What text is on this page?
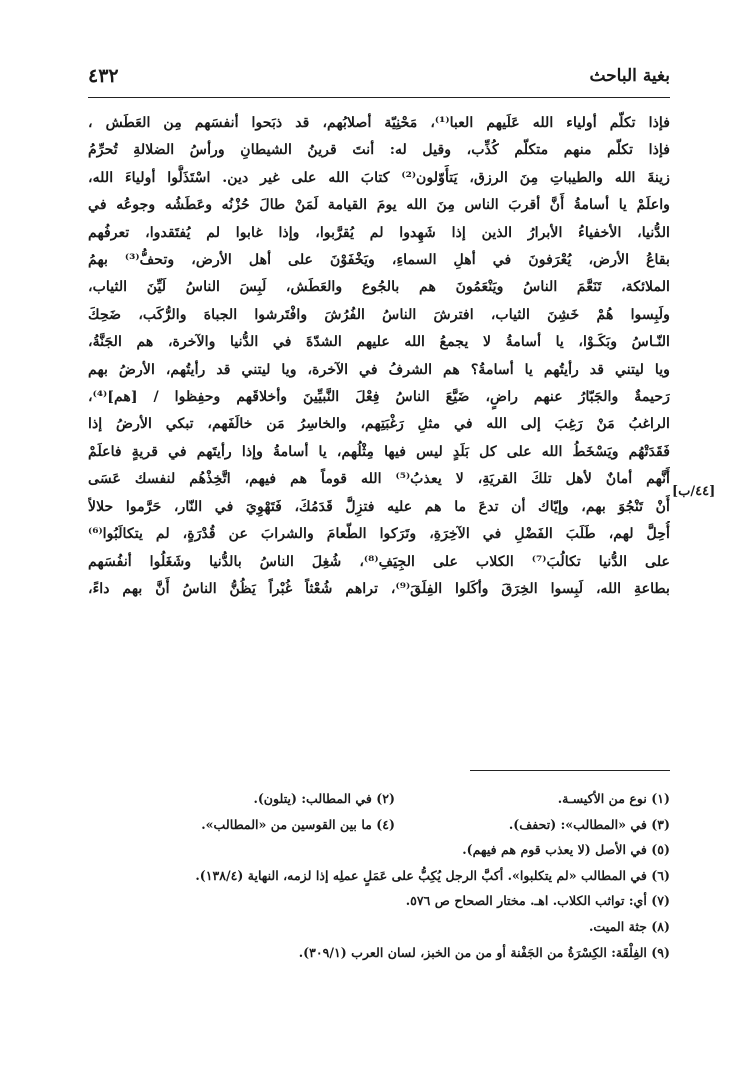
بغية الباحث
٤٣٢
فإذا تكلّم أولياء الله عَلَيهم العبا⁽¹⁾، مَحْنِيّة أصلابُهم، قد ذبَحوا أنفسَهم مِن العَطَش ،
فإذا تكلّم منهم متكلّم كُذِّب، وقيل له: أنتَ قرينُ الشيطانِ ورأسُ الضلالةِ تُحرِّمُ
زينةَ الله والطيباتِ مِنَ الرزق، يَتأَوّلون⁽²⁾ كتابَ الله على غير دين. اسْتَذَلُّوا أولياءَ الله،
واعلَمْ يا أسامةُ أَنَّ أقربَ الناس مِنَ الله يومَ القيامة لَمَنْ طالَ حُزْنُه وعَطَشُه وجوعُه في
الدُّنيا، الأخفياءُ الأبرارُ الذين إذا شَهِدوا لم يُقرَّبوا، وإذا غابوا لم يُفتَقدوا، تعرفُهم
بقاعُ الأرض، يُعْرَفونَ في أهلِ السماءِ، ويَخْفَوْنَ على أهل الأرض، وتحفُّ⁽³⁾ بهمُ
الملائكة، تَنَعَّمَ الناسُ ويَنْعَمُونَ هم بالجُوع والعَطَش، لَبِسَ الناسُ لَيِّنَ الثياب،
ولَبِسوا هُمْ خَشِنَ الثياب، افترشَ الناسُ الفُرُشَ وافْتَرشوا الجباهَ والرُّكَب، ضَحِكَ
النّـاسُ وبَكَـوْا، يا أسامةُ لا يجمعُ الله عليهم الشدّةَ في الدُّنيا والآخرة، هم الجَنَّةُ،
ويا ليتني قد رأيتُهم يا أسامةُ؟ هم الشرفُ في الآخرة، ويا ليتني قد رأيتُهم، الأرضُ بهم
رَحيمةٌ والجَبّارُ عنهم راضٍ، ضَيَّعَ الناسُ فِعْلَ النَّبيِّينَ وأخلاقَهم وحفِظوا / [هم]⁽⁴⁾،
الراغبُ مَنْ رَغِبَ إلى الله في مثلِ رَغْبَتِهم، والخاسِرُ مَن خالَفَهم، تبكي الأرضُ إذا
فَقَدَتْهُم ويَسْخَطُ الله على كل بَلَدٍ ليس فيها مِثْلُهم، يا أسامةُ وإذا رأيتَهم في قريةٍ فاعلَمْ
أَنَّهم أمانٌ لأهل تلكَ القريَةِ، لا يعذبُ⁽⁵⁾ الله قوماً هم فيهم، اتَّخِذْهُم لنفسك عَسَى
أَنْ تَنْجُوَ بهم، وإيّاك أن تدعَ ما هم عليه فتزِلَّ قَدَمُكَ، فَتَهْوِيَ في النّار، حَرَّموا حلالاً
أُحِلَّ لهم، طَلَبَ الفَضْلِ في الآخِرَةِ، وتَرَكوا الطّعامَ والشرابَ عن قُدْرَةٍ، لم يتكالَبُوا⁽⁶⁾
على الدُّنيا تكالُبَ⁽⁷⁾ الكلاب على الجِيَفِ⁽⁸⁾، شُغِلَ الناسُ بالدُّنيا وشَغَلُوا أنفُسَهم
بطاعةِ الله، لَبِسوا الخِرَقَ وأكَلوا الفِلَقَ⁽⁹⁾، تراهم شُعْثاً غُبْراً يَظُنُّ الناسُ أَنَّ بهم داءً،
[٤٤/ب]
(١) نوع من الأكيسـة.
(٢) في المطالب: (يتلون).
(٣) في «المطالب»: (تحفف).
(٤) ما بين القوسين من «المطالب».
(٥) في الأصل (لا يعذب قوم هم فيهم).
(٦) في المطالب «لم يتكلبوا». أكبَّ الرجل يُكِبُّ على عَمَلٍ عملِه إذا لزمه، النهاية (١٣٨/٤).
(٧) أي: تواثب الكلاب. اهـ. مختار الصحاح ص ٥٧٦.
(٨) جثة الميت.
(٩) الفِلْقَة: الكِسْرَةُ من الجَفْنة أو من من الخبز، لسان العرب (٣٠٩/١).
